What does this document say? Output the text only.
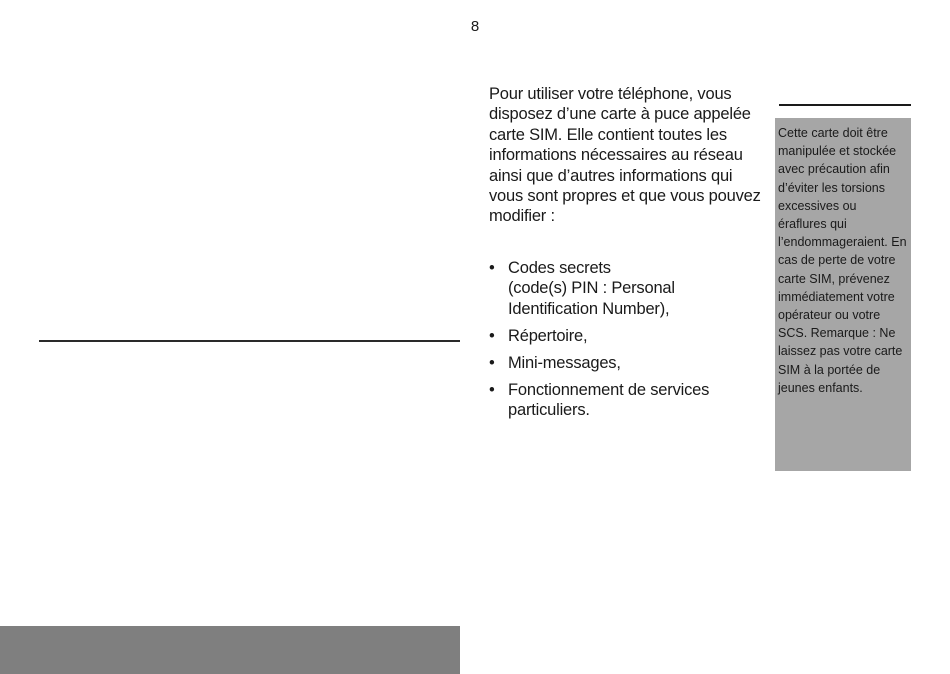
8

Pour utiliser votre téléphone, vous disposez d’une carte à puce appelée carte SIM. Elle contient toutes les informations nécessaires au réseau ainsi que d’autres informations qui vous sont propres et que vous pouvez modifier :

• Codes secrets
(code(s) PIN : Personal Identification Number),
• Répertoire,
• Mini-messages,
• Fonctionnement de services particuliers.
Cette carte doit être manipulée et stockée avec précaution afin d’éviter les torsions excessives ou éraflures qui l’endommageraient. En cas de perte de votre carte SIM, prévenez immédiatement votre opérateur ou votre SCS. Remarque : Ne laissez pas votre carte SIM à la portée de jeunes enfants.
